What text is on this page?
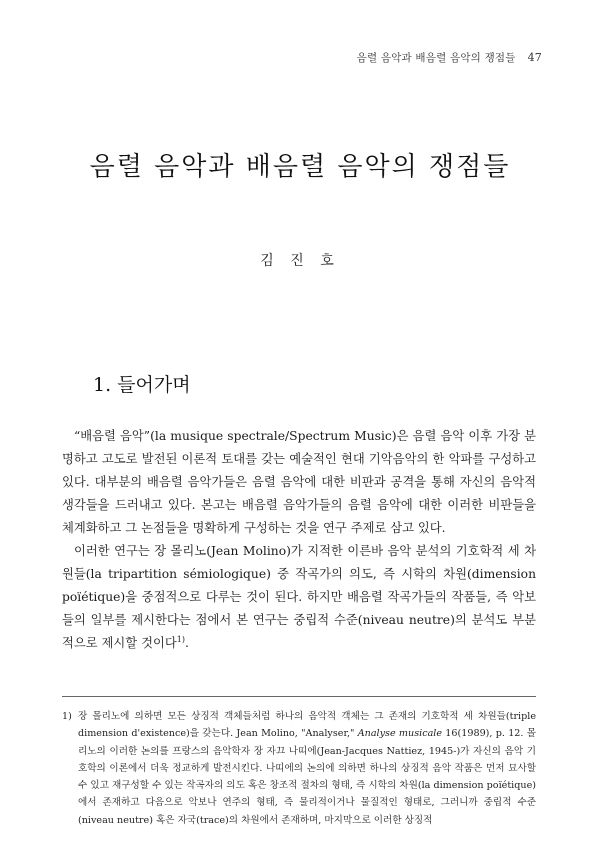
음렬 음악과 배음렬 음악의 쟁점들 47
음렬 음악과 배음렬 음악의 쟁점들
김 진 호
1. 들어가며

“배음렬 음악”(la musique spectrale/Spectrum Music)은 음렬 음악 이후 가장 분명하고 고도로 발전된 이론적 토대를 갖는 예술적인 현대 기악음악의 한 악파를 구성하고 있다. 대부분의 배음렬 음악가들은 음렬 음악에 대한 비판과 공격을 통해 자신의 음악적 생각들을 드러내고 있다. 본고는 배음렬 음악가들의 음렬 음악에 대한 이러한 비판들을 체계화하고 그 논점들을 명확하게 구성하는 것을 연구 주제로 삼고 있다.

이러한 연구는 장 몰리노(Jean Molino)가 지적한 이른바 음악 분석의 기호학적 세 차원들(la tripartition sémiologique) 중 작곡가의 의도, 즉 시학의 차원(dimension poïétique)을 중점적으로 다루는 것이 된다. 하지만 배음렬 작곡가들의 작품들, 즉 악보들의 일부를 제시한다는 점에서 본 연구는 중립적 수준(niveau neutre)의 분석도 부분적으로 제시할 것이다$^{1)}$.

1) 장 몰리노에 의하면 모든 상징적 객체들처럼 하나의 음악적 객체는 그 존재의 기호학적 세 차원들(triple dimension d'existence)을 갖는다. Jean Molino, "Analyser," Analyse musicale 16(1989), p. 12. 몰리노의 이러한 논의를 프랑스의 음악학자 장 자끄 나띠에(Jean-Jacques Nattiez, 1945-)가 자신의 음악 기호학의 이론에서 더욱 정교하게 발전시킨다. 나띠에의 논의에 의하면 하나의 상징적 음악 작품은 먼저 묘사할 수 있고 재구성할 수 있는 작곡자의 의도 혹은 창조적 절차의 형태, 즉 시학의 차원(la dimension poïétique)에서 존재하고 다음으로 악보나 연주의 형태, 즉 물리적이거나 물질적인 형태로, 그러니까 중립적 수준(niveau neutre) 혹은 자국(trace)의 차원에서 존재하며, 마지막으로 이러한 상징적
